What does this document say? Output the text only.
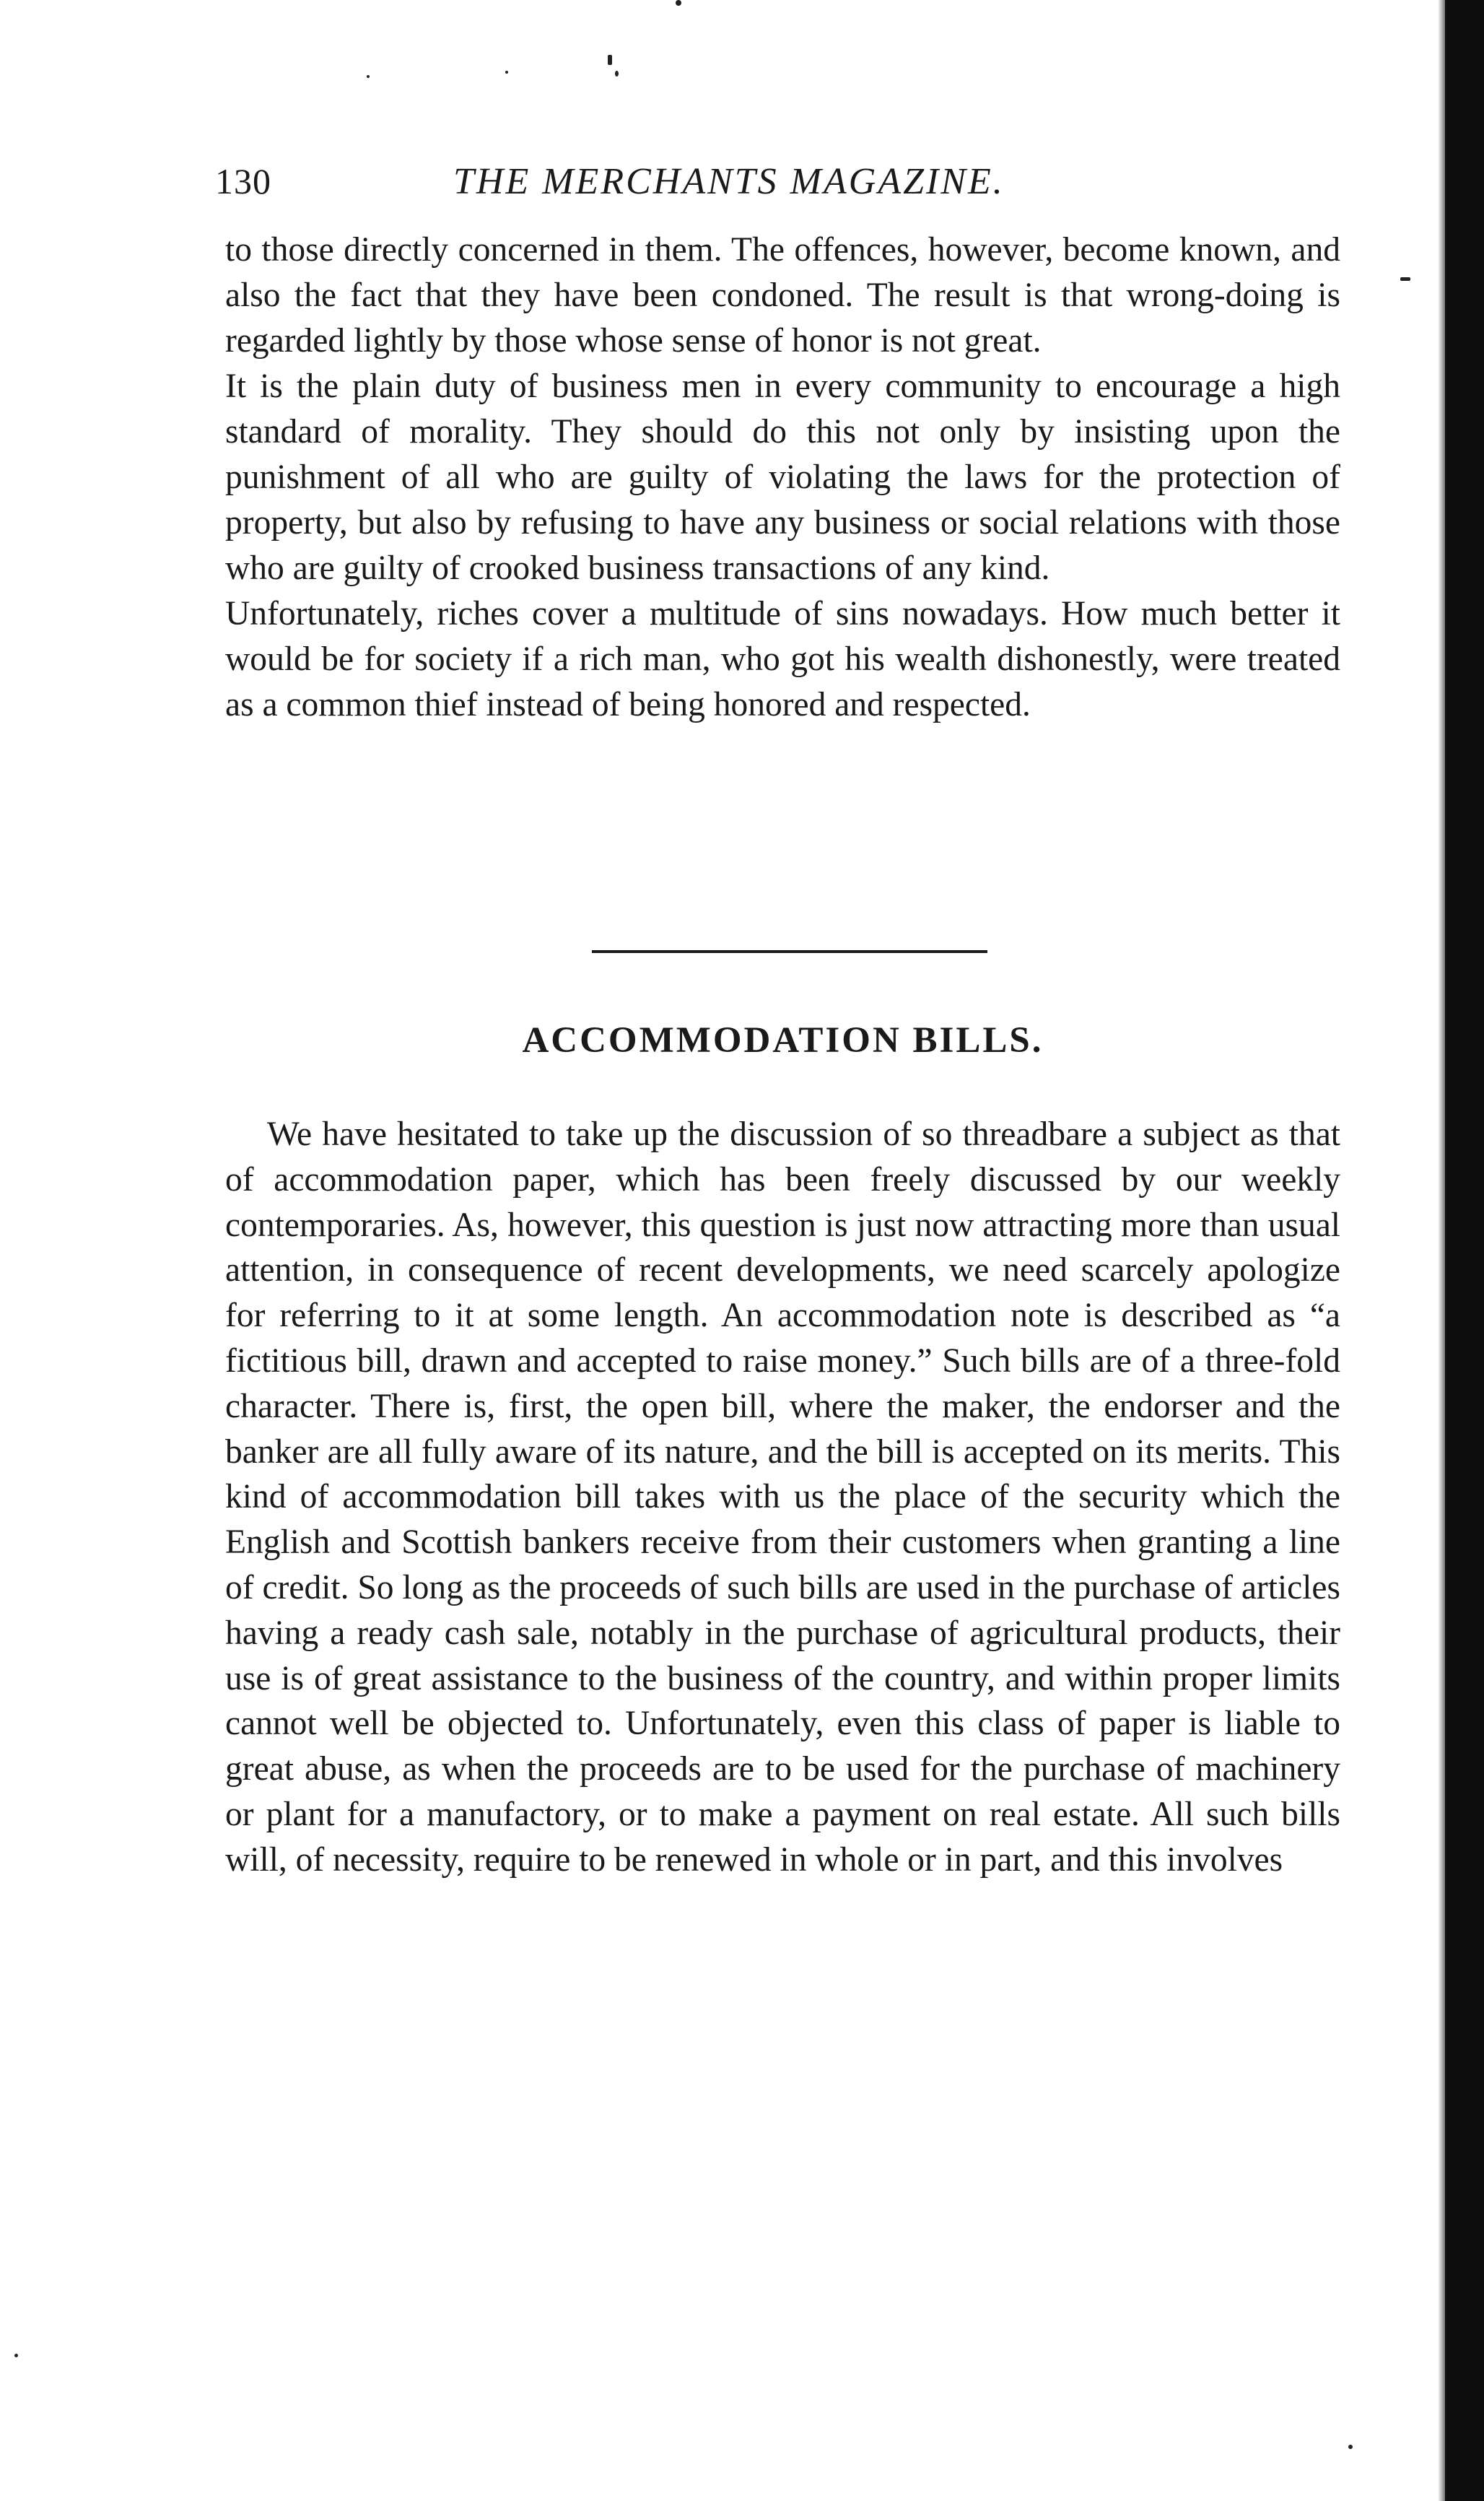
130	THE MERCHANTS MAGAZINE.

to those directly concerned in them. The offences, however, become known, and also the fact that they have been condoned. The result is that wrong-doing is regarded lightly by those whose sense of honor is not great.

It is the plain duty of business men in every community to encourage a high standard of morality. They should do this not only by insisting upon the punishment of all who are guilty of violating the laws for the protection of property, but also by refusing to have any business or social relations with those who are guilty of crooked business transactions of any kind.

Unfortunately, riches cover a multitude of sins nowadays. How much better it would be for society if a rich man, who got his wealth dishonestly, were treated as a common thief instead of being honored and respected.

ACCOMMODATION BILLS.

We have hesitated to take up the discussion of so threadbare a subject as that of accommodation paper, which has been freely discussed by our weekly contemporaries. As, however, this question is just now attracting more than usual attention, in consequence of recent developments, we need scarcely apologize for referring to it at some length. An accommodation note is described as “a fictitious bill, drawn and accepted to raise money.” Such bills are of a three-fold character. There is, first, the open bill, where the maker, the endorser and the banker are all fully aware of its nature, and the bill is accepted on its merits. This kind of accommodation bill takes with us the place of the security which the English and Scottish bankers receive from their customers when granting a line of credit. So long as the proceeds of such bills are used in the purchase of articles having a ready cash sale, notably in the purchase of agricultural products, their use is of great assistance to the business of the country, and within proper limits cannot well be objected to. Unfortunately, even this class of paper is liable to great abuse, as when the proceeds are to be used for the purchase of machinery or plant for a manufactory, or to make a payment on real estate. All such bills will, of necessity, require to be renewed in whole or in part, and this involves
